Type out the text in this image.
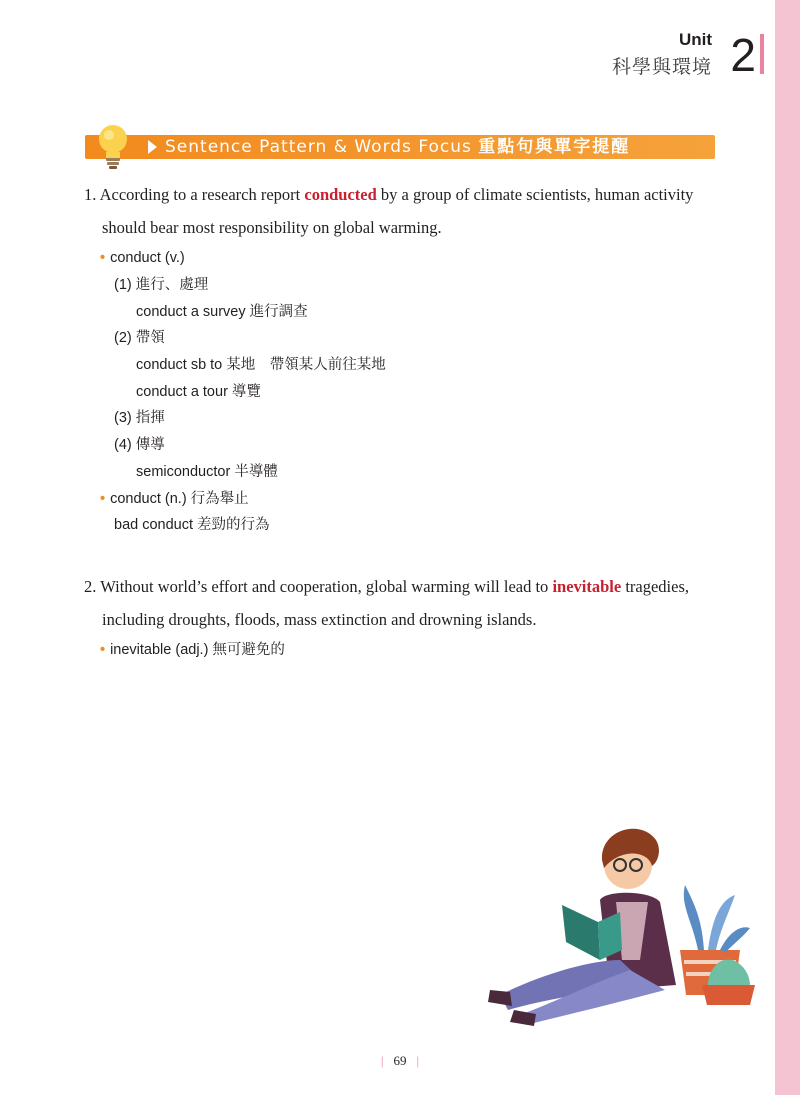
Unit
科學與環境 2
Sentence Pattern & Words Focus 重點句與單字提醒
1. According to a research report conducted by a group of climate scientists, human activity
should bear most responsibility on global warming.
• conduct (v.)
(1) 進行、處理
conduct a survey 進行調查
(2) 帶領
conduct sb to 某地　帶領某人前往某地
conduct a tour 導覽
(3) 指揮
(4) 傳導
semiconductor 半導體
• conduct (n.) 行為舉止
bad conduct 差勁的行為
2. Without world’s effort and cooperation, global warming will lead to inevitable tragedies,
including droughts, floods, mass extinction and drowning islands.
• inevitable (adj.) 無可避免的
| 69 |
